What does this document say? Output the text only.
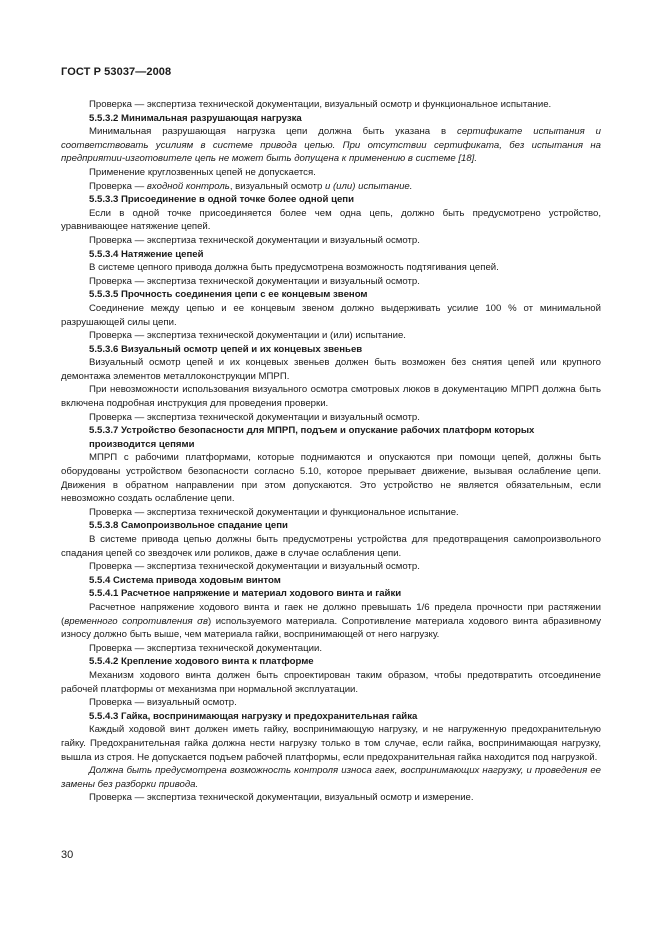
ГОСТ Р 53037—2008
Проверка — экспертиза технической документации, визуальный осмотр и функциональное испытание.
5.5.3.2 Минимальная разрушающая нагрузка
Минимальная разрушающая нагрузка цепи должна быть указана в сертификате испытания и соответствовать усилиям в системе привода цепью. При отсутствии сертификата, без испытания на предприятии-изготовителе цепь не может быть допущена к применению в системе [18].
Применение круглозвенных цепей не допускается.
Проверка — входной контроль, визуальный осмотр и (или) испытание.
5.5.3.3 Присоединение в одной точке более одной цепи
Если в одной точке присоединяется более чем одна цепь, должно быть предусмотрено устройство, уравнивающее натяжение цепей.
Проверка — экспертиза технической документации и визуальный осмотр.
5.5.3.4 Натяжение цепей
В системе цепного привода должна быть предусмотрена возможность подтягивания цепей.
Проверка — экспертиза технической документации и визуальный осмотр.
5.5.3.5 Прочность соединения цепи с ее концевым звеном
Соединение между цепью и ее концевым звеном должно выдерживать усилие 100 % от минимальной разрушающей силы цепи.
Проверка — экспертиза технической документации и (или) испытание.
5.5.3.6 Визуальный осмотр цепей и их концевых звеньев
Визуальный осмотр цепей и их концевых звеньев должен быть возможен без снятия цепей или крупного демонтажа элементов металлоконструкции МПРП.
При невозможности использования визуального осмотра смотровых люков в документацию МПРП должна быть включена подробная инструкция для проведения проверки.
Проверка — экспертиза технической документации и визуальный осмотр.
5.5.3.7 Устройство безопасности для МПРП, подъем и опускание рабочих платформ которых производится цепями
МПРП с рабочими платформами, которые поднимаются и опускаются при помощи цепей, должны быть оборудованы устройством безопасности согласно 5.10, которое прерывает движение, вызывая ослабление цепи. Движения в обратном направлении при этом допускаются. Это устройство не является обязательным, если невозможно создать ослабление цепи.
Проверка — экспертиза технической документации и функциональное испытание.
5.5.3.8 Самопроизвольное спадание цепи
В системе привода цепью должны быть предусмотрены устройства для предотвращения самопроизвольного спадания цепей со звездочек или роликов, даже в случае ослабления цепи.
Проверка — экспертиза технической документации и визуальный осмотр.
5.5.4 Система привода ходовым винтом
5.5.4.1 Расчетное напряжение и материал ходового винта и гайки
Расчетное напряжение ходового винта и гаек не должно превышать 1/6 предела прочности при растяжении (временного сопротивления σв) используемого материала. Сопротивление материала ходового винта абразивному износу должно быть выше, чем материала гайки, воспринимающей от него нагрузку.
Проверка — экспертиза технической документации.
5.5.4.2 Крепление ходового винта к платформе
Механизм ходового винта должен быть спроектирован таким образом, чтобы предотвратить отсоединение рабочей платформы от механизма при нормальной эксплуатации.
Проверка — визуальный осмотр.
5.5.4.3 Гайка, воспринимающая нагрузку и предохранительная гайка
Каждый ходовой винт должен иметь гайку, воспринимающую нагрузку, и не нагруженную предохранительную гайку. Предохранительная гайка должна нести нагрузку только в том случае, если гайка, воспринимающая нагрузку, вышла из строя. Не допускается подъем рабочей платформы, если предохранительная гайка находится под нагрузкой.
Должна быть предусмотрена возможность контроля износа гаек, воспринимающих нагрузку, и проведения ее замены без разборки привода.
Проверка — экспертиза технической документации, визуальный осмотр и измерение.
30
